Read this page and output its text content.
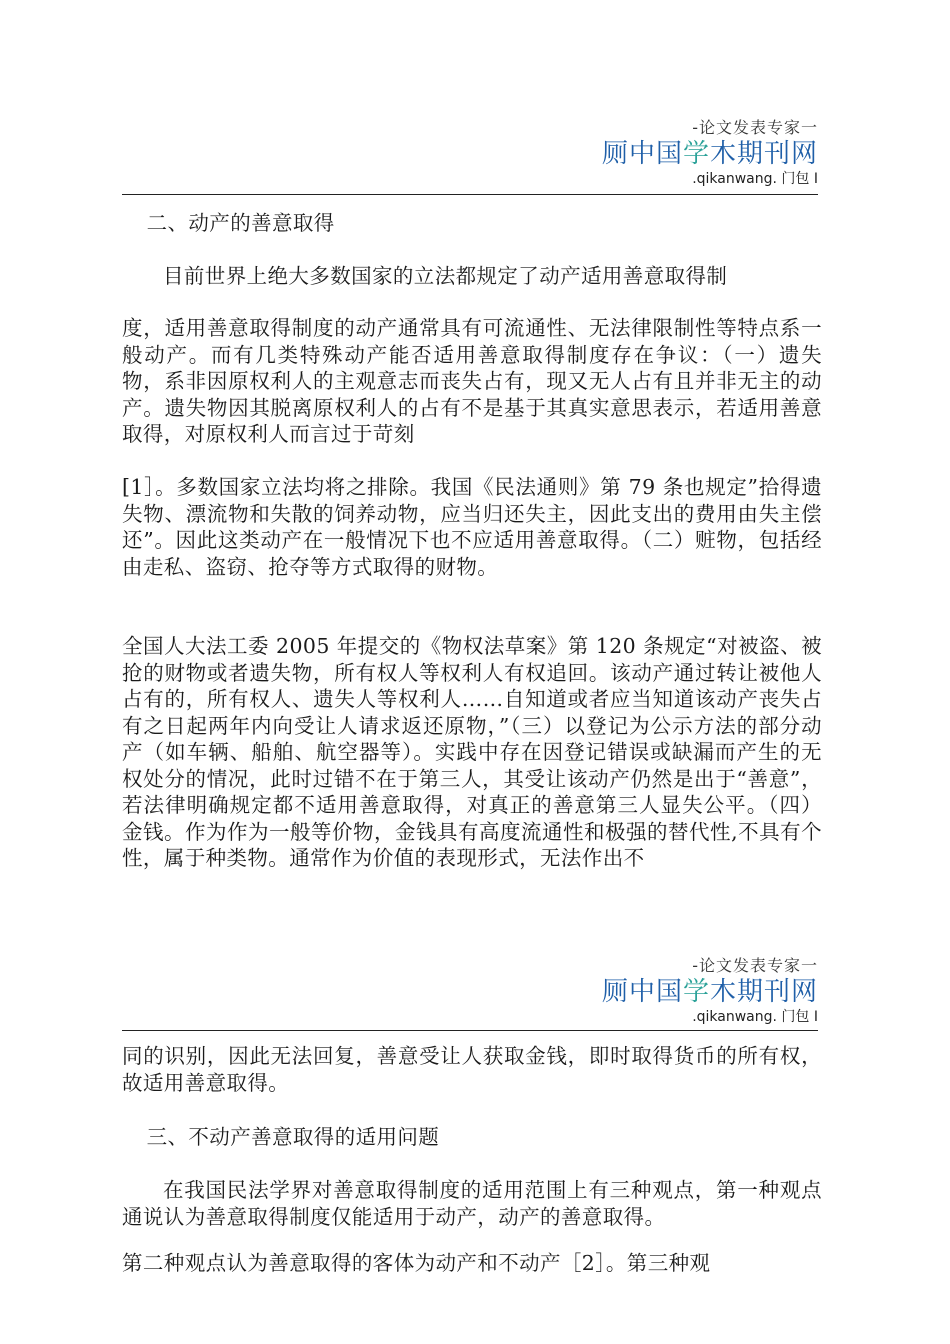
-论文发表专家一
厕中国学木期刊网
.qikanwang. 门包 I

二、动产的善意取得

目前世界上绝大多数国家的立法都规定了动产适用善意取得制

度，适用善意取得制度的动产通常具有可流通性、无法律限制性等特点系一般动产。而有几类特殊动产能否适用善意取得制度存在争议：（一）遗失物，系非因原权利人的主观意志而丧失占有，现又无人占有且并非无主的动产。遗失物因其脱离原权利人的占有不是基于其真实意思表示，若适用善意取得，对原权利人而言过于苛刻

[1］。多数国家立法均将之排除。我国《民法通则》第 79 条也规定”拾得遗失物、漂流物和失散的饲养动物，应当归还失主，因此支出的费用由失主偿还”。因此这类动产在一般情况下也不应适用善意取得。（二）赃物，包括经由走私、盗窃、抢夺等方式取得的财物。

全国人大法工委 2005 年提交的《物权法草案》第 120 条规定“对被盗、被抢的财物或者遗失物，所有权人等权利人有权追回。该动产通过转让被他人占有的，所有权人、遗失人等权利人……自知道或者应当知道该动产丧失占有之日起两年内向受让人请求返还原物，”（三）以登记为公示方法的部分动产（如车辆、船舶、航空器等）。实践中存在因登记错误或缺漏而产生的无权处分的情况，此时过错不在于第三人，其受让该动产仍然是出于“善意”，若法律明确规定都不适用善意取得，对真正的善意第三人显失公平。（四）金钱。作为作为一般等价物，金钱具有高度流通性和极强的替代性,不具有个性，属于种类物。通常作为价值的表现形式，无法作出不

-论文发表专家一
厕中国学木期刊网
.qikanwang. 门包 I

同的识别，因此无法回复，善意受让人获取金钱，即时取得货币的所有权，故适用善意取得。

三、不动产善意取得的适用问题

在我国民法学界对善意取得制度的适用范围上有三种观点，第一种观点通说认为善意取得制度仅能适用于动产，动产的善意取得。

第二种观点认为善意取得的客体为动产和不动产［2］。第三种观
